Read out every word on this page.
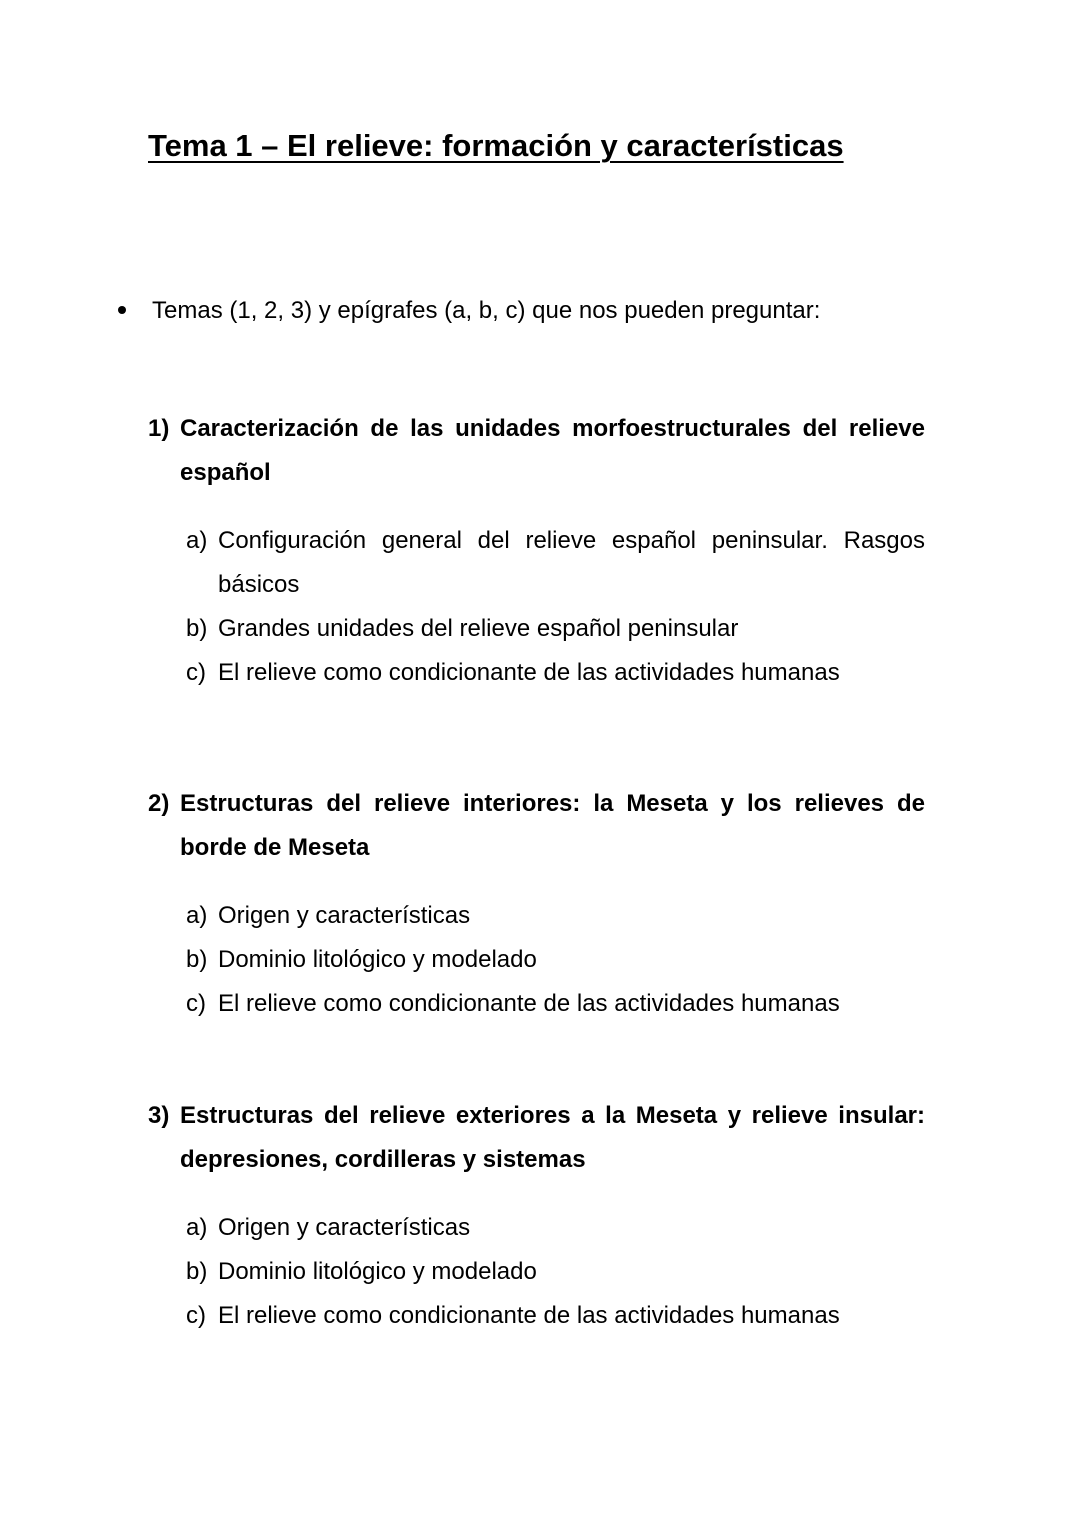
Tema 1 – El relieve: formación y características
Temas (1, 2, 3) y epígrafes (a, b, c) que nos pueden preguntar:
1) Caracterización de las unidades morfoestructurales del relieve español
a) Configuración general del relieve español peninsular. Rasgos básicos
b) Grandes unidades del relieve español peninsular
c) El relieve como condicionante de las actividades humanas
2) Estructuras del relieve interiores: la Meseta y los relieves de borde de Meseta
a) Origen y características
b) Dominio litológico y modelado
c) El relieve como condicionante de las actividades humanas
3) Estructuras del relieve exteriores a la Meseta y relieve insular: depresiones, cordilleras y sistemas
a) Origen y características
b) Dominio litológico y modelado
c) El relieve como condicionante de las actividades humanas
